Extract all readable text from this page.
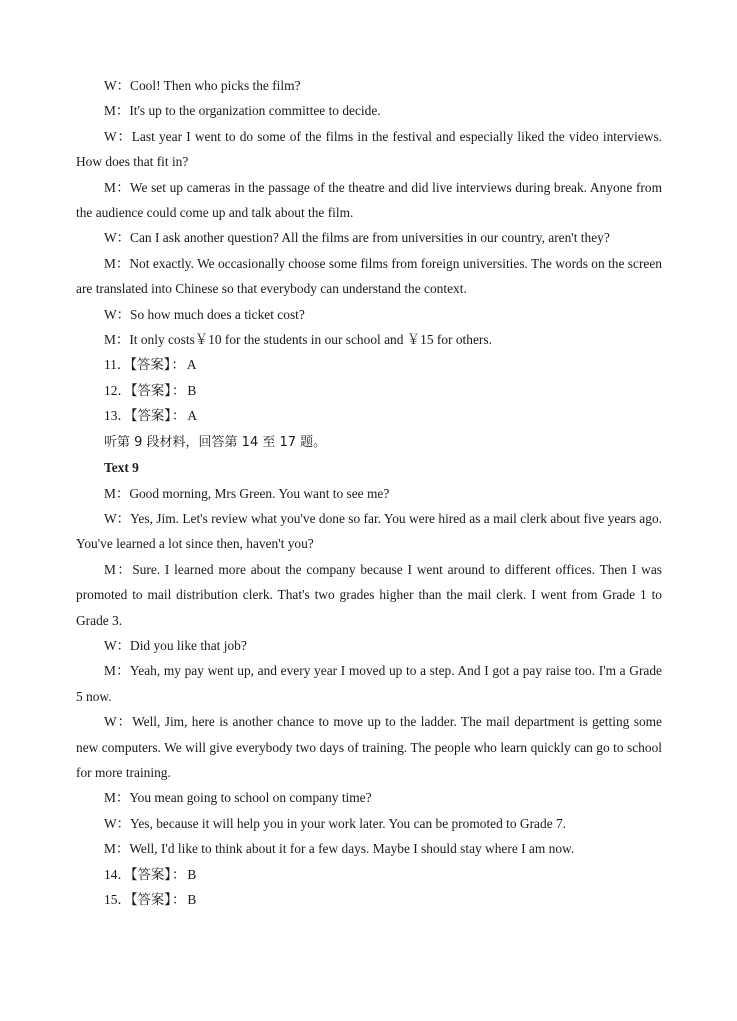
W：Cool! Then who picks the film?

M：It's up to the organization committee to decide.

W：Last year I went to do some of the films in the festival and especially liked the video interviews. How does that fit in?

M：We set up cameras in the passage of the theatre and did live interviews during break. Anyone from the audience could come up and talk about the film.

W：Can I ask another question? All the films are from universities in our country, aren't they?

M：Not exactly. We occasionally choose some films from foreign universities. The words on the screen are translated into Chinese so that everybody can understand the context.

W：So how much does a ticket cost?

M：It only costs￥10 for the students in our school and ￥15 for others.

11．【答案】： A

12．【答案】： B

13．【答案】： A

听第 9 段材料，回答第 14 至 17 题。

Text 9

M：Good morning, Mrs Green. You want to see me?

W：Yes, Jim. Let's review what you've done so far. You were hired as a mail clerk about five years ago. You've learned a lot since then, haven't you?

M：Sure. I learned more about the company because I went around to different offices. Then I was promoted to mail distribution clerk. That's two grades higher than the mail clerk. I went from Grade 1 to Grade 3.

W：Did you like that job?

M：Yeah, my pay went up, and every year I moved up to a step. And I got a pay raise too. I'm a Grade 5 now.

W：Well, Jim, here is another chance to move up to the ladder. The mail department is getting some new computers. We will give everybody two days of training. The people who learn quickly can go to school for more training.

M：You mean going to school on company time?

W：Yes, because it will help you in your work later. You can be promoted to Grade 7.

M：Well, I'd like to think about it for a few days. Maybe I should stay where I am now.

14．【答案】： B

15．【答案】： B
